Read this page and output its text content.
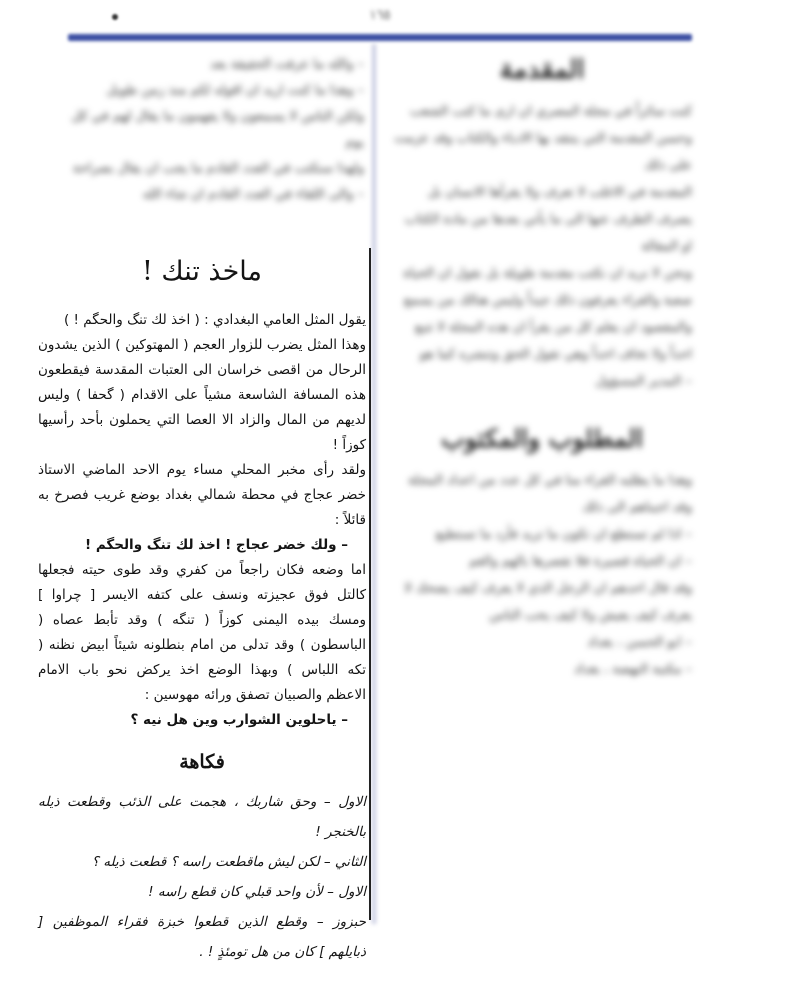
١٦٥
المقدمة

كنت سائراً في مجلة المصري ان ارى ما كتب الشعب وحسن المقدمة التي ينتقد بها الادباء والكتاب وقد عزمت على ذلك

المقدمة في الاغلب لا تعرف ولا يقرأها الانسان بل يصرف الطرف عنها الى ما يأتي بعدها من مادة الكتاب او المقالة

ونحن لا نريد ان نكتب مقدمة طويلة بل نقول ان الحياة صعبة والقراء يعرفون ذلك جيداً وليس هنالك من يسمع

والمقصود ان يعلم كل من يقرأ ان هذه المجلة لا تتبع احداً ولا تخاف احداً وهي تقول الحق وتنشره كما هو

– المدير المسؤول

المطلوب والمكتوب

وهذا ما يطلبه القراء منا في كل عدد من اعداد المجلة وقد اجبناهم الى ذلك

– اذا لم تستطع ان تكون ما تريد فأرد ما تستطيع

– ان الحياة قصيرة فلا تقصرها بالهم والغم

وقد قال احدهم ان الرجل الذي لا يعرف كيف يضحك لا يعرف كيف يعيش ولا كيف يحب الناس

– ابو الحسن ، بغداد

– مكتبة النهضة ، بغداد

– والله ما عرفت الحقيقة بعد

– وهذا ما كنت اريد ان اقوله لكم منذ زمن طويل

ولكن الناس لا يسمعون ولا يفهمون ما يقال لهم في كل يوم

ولهذا سنكتب في العدد القادم ما يجب ان يقال بصراحة

– والى اللقاء في العدد القادم ان شاء الله

ماخذ تنك !

يقول المثل العامي البغدادي : ( اخذ لك تنگ والحگم ! )

وهذا المثل يضرب للزوار العجم ( المهتوكين ) الذين يشدون الرحال من اقصى خراسان الى العتبات المقدسة فيقطعون هذه المسافة الشاسعة مشياً على الاقدام ( گحفا ) وليس لديهم من المال والزاد الا العصا التي يحملون بأحد رأسيها كوزاً !

ولقد رأى مخبر المحلي مساء يوم الاحد الماضي الاستاذ خضر عجاج في محطة شمالي بغداد بوضع غريب فصرخ به قائلاً :

– ولك خضر عجاج ! اخذ لك تنگ والحگم !

اما وضعه فكان راجعاً من كفري وقد طوى حيته فجعلها كالتل فوق عجيزته ونسف على كتفه الايسر [ چراوا ] ومسك بيده اليمنى كوزاً ( تنگه ) وقد تأبط عصاه ( الباسطون ) وقد تدلى من امام بنطلونه شيئاً ابيض نظنه ( تكه اللباس ) وبهذا الوضع اخذ يركض نحو باب الامام الاعظم والصبيان تصفق ورائه مهوسين :

– ياحلوين الشوارب وين هل نيه ؟

فكاهة

الاول – وحق شاربك ، هجمت على الذئب وقطعت ذيله بالخنجر !

الثاني – لكن ليش ماقطعت راسه ؟ قطعت ذيله ؟

الاول – لأن واحد قبلي كان قطع راسه !

حبزوز – وقطع الذين قطعوا خبزة فقراء الموظفين [ ذبايلهم ] كان من هل تومئذٍ ! .
